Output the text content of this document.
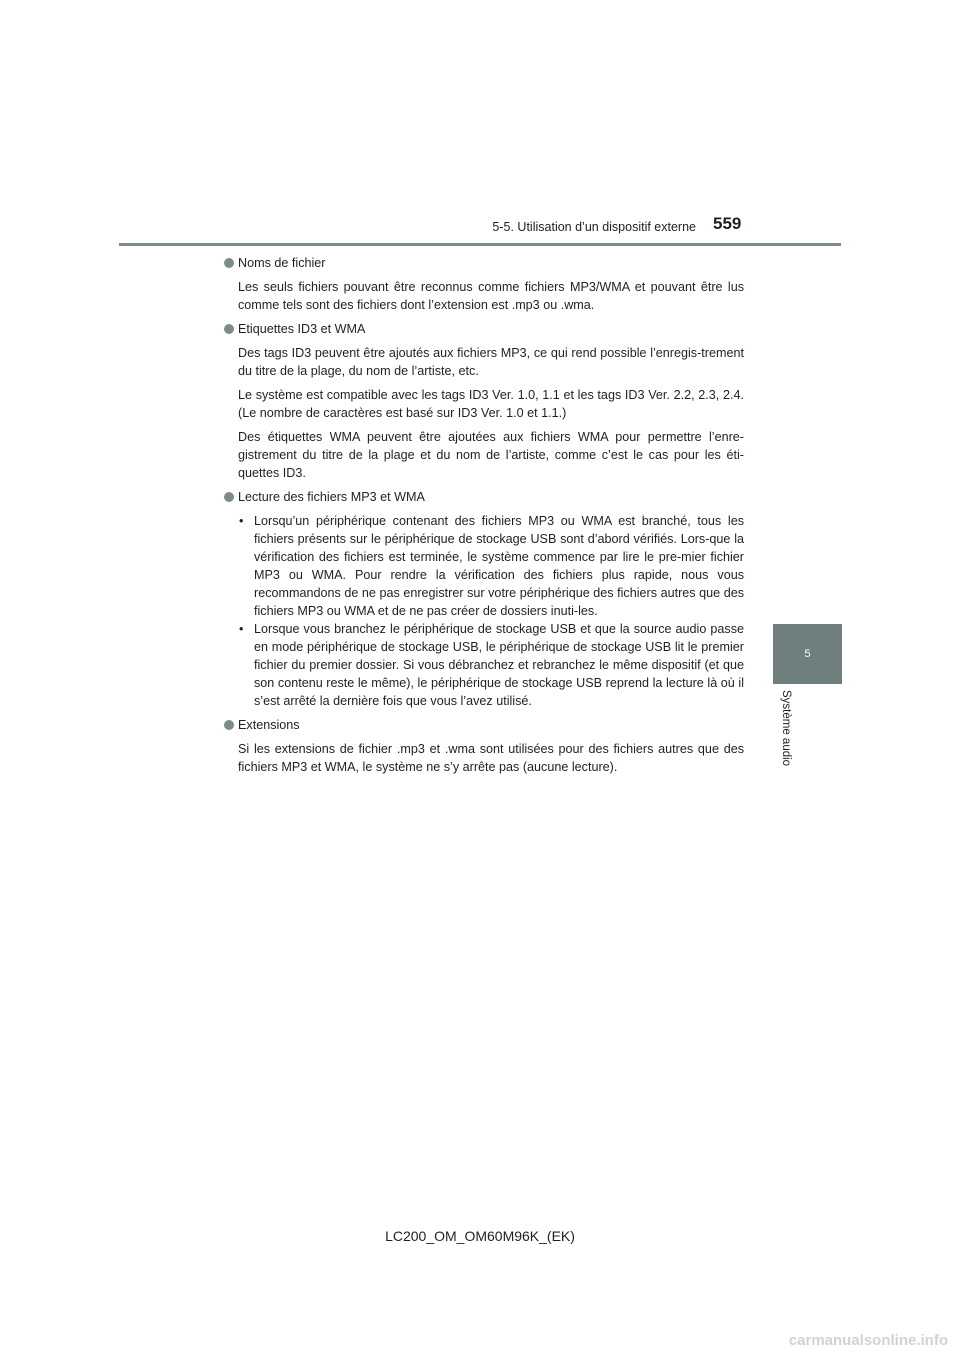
5-5. Utilisation d’un dispositif externe 559
5
Système audio
Noms de fichier

Les seuls fichiers pouvant être reconnus comme fichiers MP3/WMA et pouvant être lus comme tels sont des fichiers dont l’extension est .mp3 ou .wma.

Etiquettes ID3 et WMA

Des tags ID3 peuvent être ajoutés aux fichiers MP3, ce qui rend possible l’enregis-trement du titre de la plage, du nom de l’artiste, etc.

Le système est compatible avec les tags ID3 Ver. 1.0, 1.1 et les tags ID3 Ver. 2.2, 2.3, 2.4. (Le nombre de caractères est basé sur ID3 Ver. 1.0 et 1.1.)

Des étiquettes WMA peuvent être ajoutées aux fichiers WMA pour permettre l’enre-gistrement du titre de la plage et du nom de l’artiste, comme c’est le cas pour les éti-quettes ID3.

Lecture des fichiers MP3 et WMA
• Lorsqu’un périphérique contenant des fichiers MP3 ou WMA est branché, tous les fichiers présents sur le périphérique de stockage USB sont d’abord vérifiés. Lors-que la vérification des fichiers est terminée, le système commence par lire le pre-mier fichier MP3 ou WMA. Pour rendre la vérification des fichiers plus rapide, nous vous recommandons de ne pas enregistrer sur votre périphérique des fichiers autres que des fichiers MP3 ou WMA et de ne pas créer de dossiers inuti-les.
• Lorsque vous branchez le périphérique de stockage USB et que la source audio passe en mode périphérique de stockage USB, le périphérique de stockage USB lit le premier fichier du premier dossier. Si vous débranchez et rebranchez le même dispositif (et que son contenu reste le même), le périphérique de stockage USB reprend la lecture là où il s’est arrêté la dernière fois que vous l’avez utilisé.
Extensions

Si les extensions de fichier .mp3 et .wma sont utilisées pour des fichiers autres que des fichiers MP3 et WMA, le système ne s’y arrête pas (aucune lecture).

LC200_OM_OM60M96K_(EK)
carmanualsonline.info
